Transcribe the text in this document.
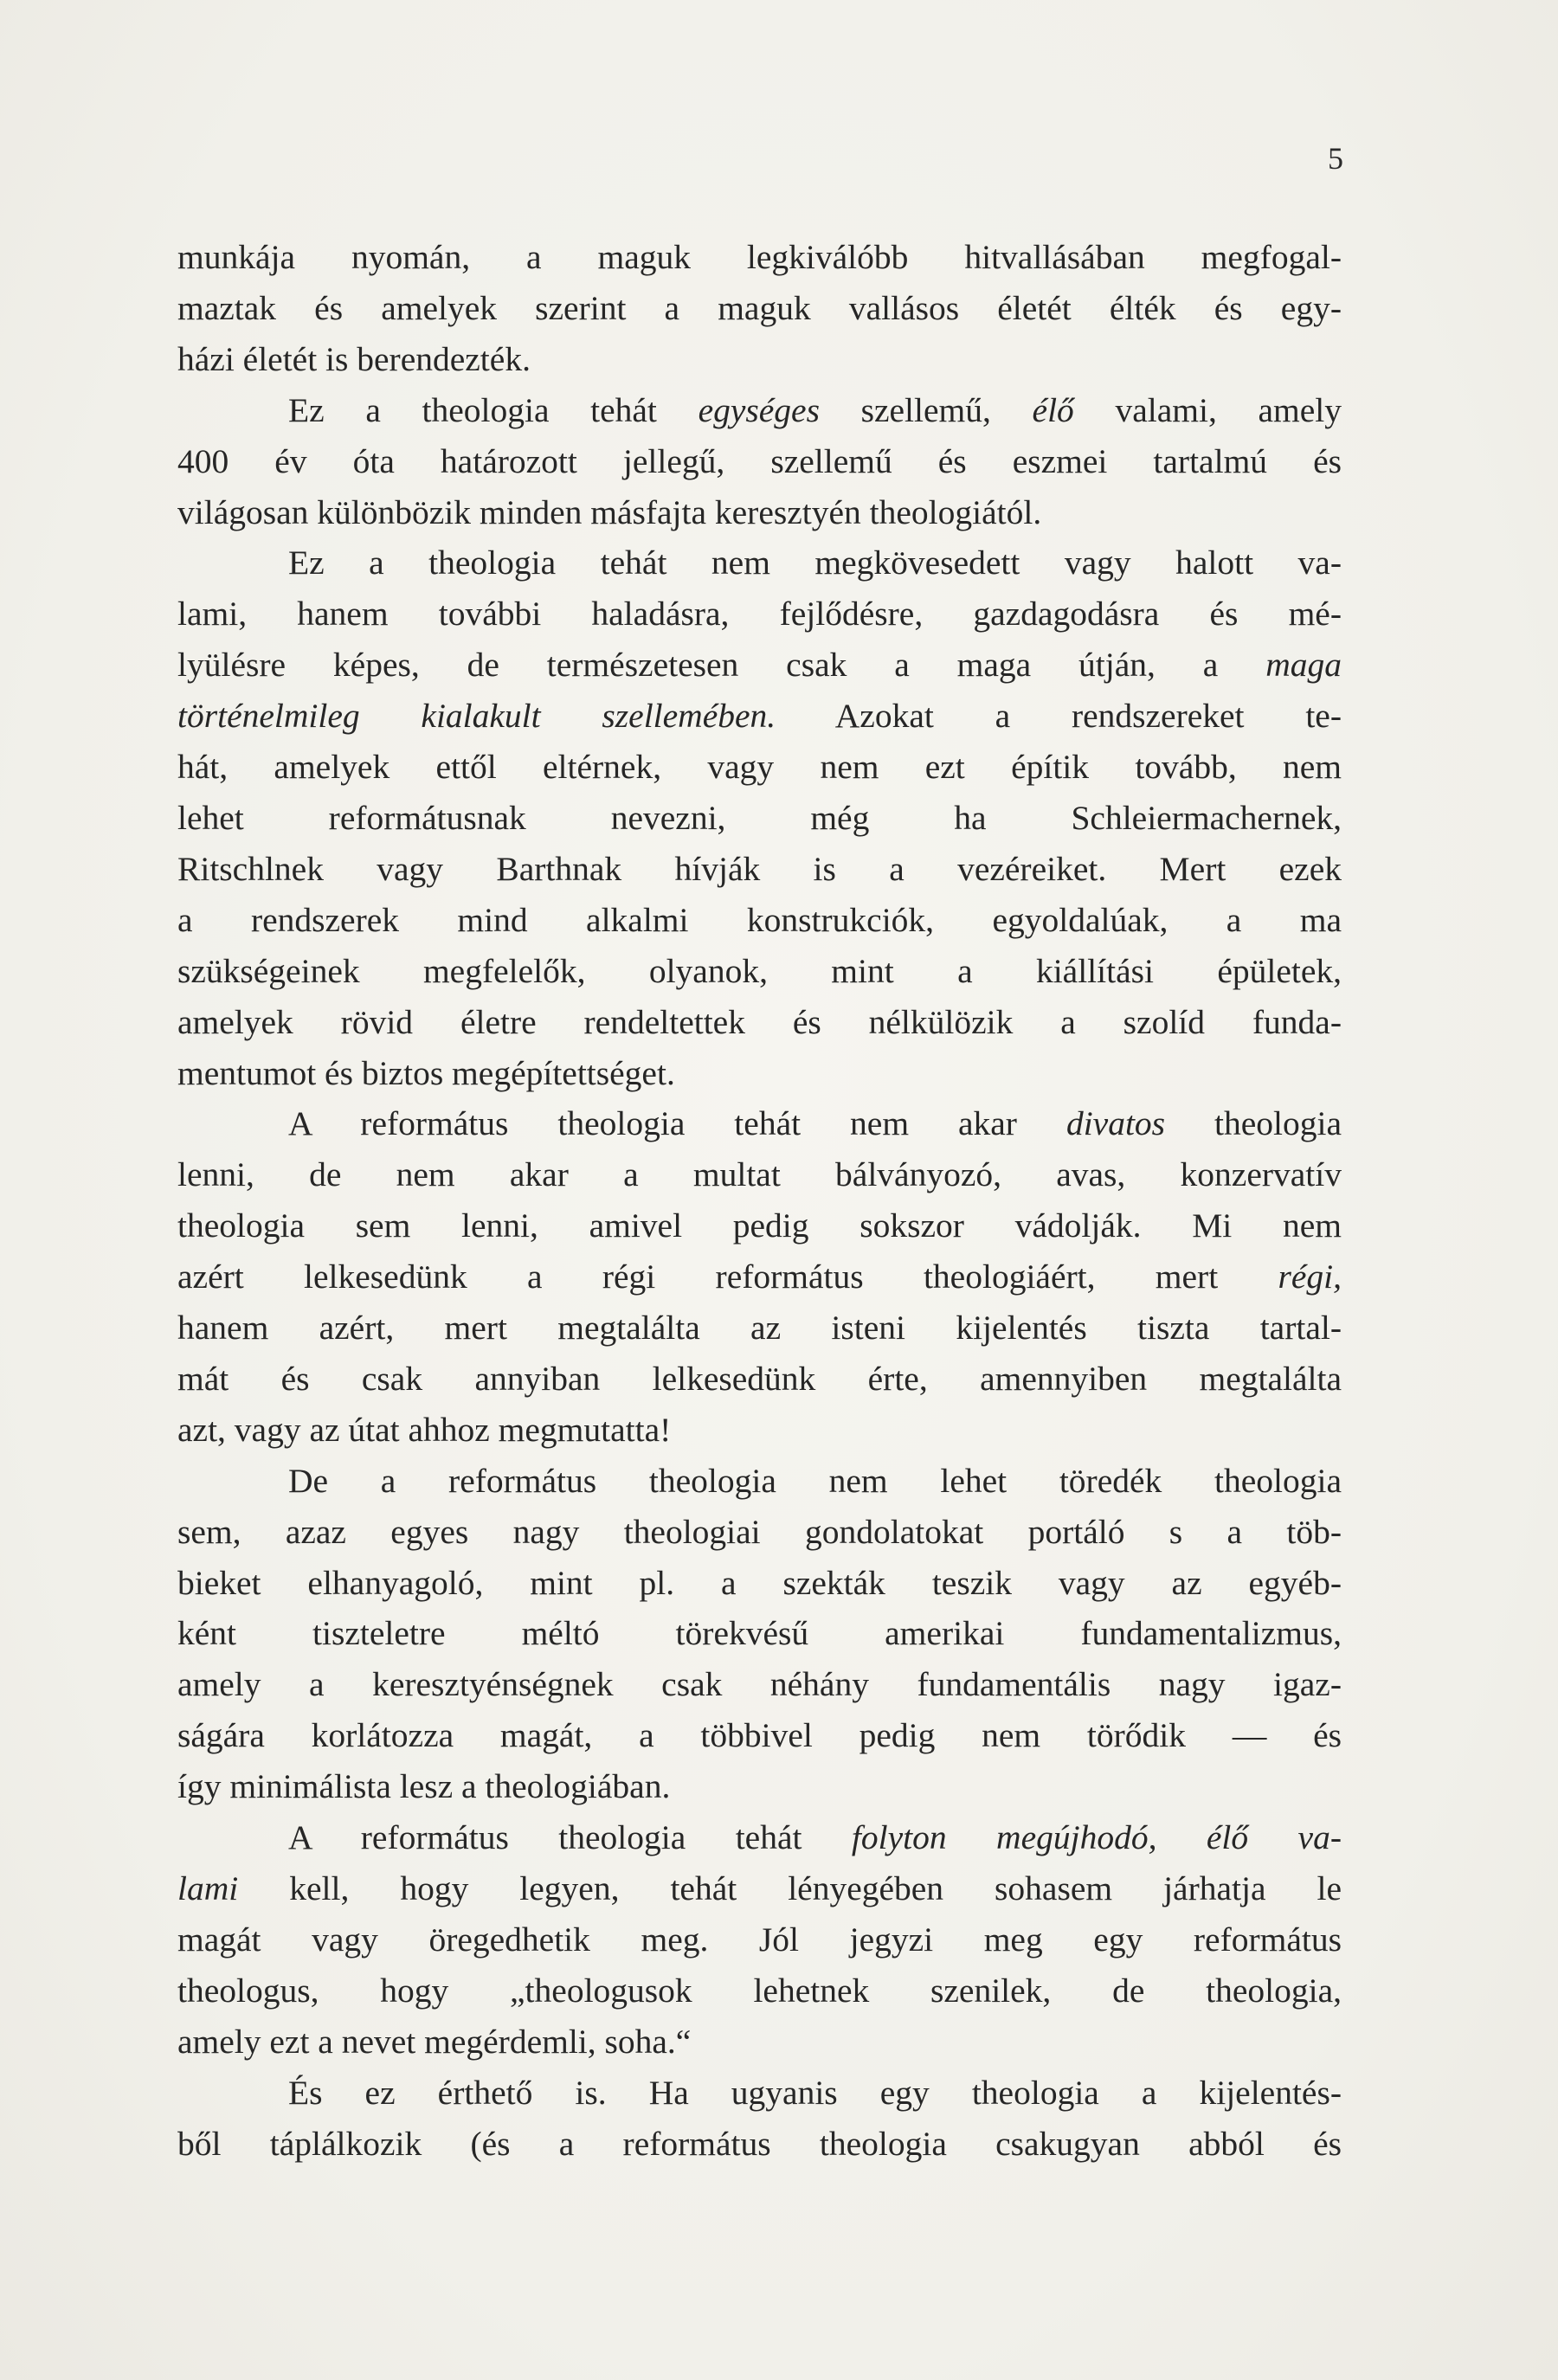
5
munkája nyomán, a maguk legkiválóbb hitvallásában megfogal-
maztak és amelyek szerint a maguk vallásos életét élték és egy-
házi életét is berendezték.
Ez a theologia tehát egységes szellemű, élő valami, amely
400 év óta határozott jellegű, szellemű és eszmei tartalmú és
világosan különbözik minden másfajta keresztyén theologiától.
Ez a theologia tehát nem megkövesedett vagy halott va-
lami, hanem további haladásra, fejlődésre, gazdagodásra és mé-
lyülésre képes, de természetesen csak a maga útján, a maga
történelmileg kialakult szellemében. Azokat a rendszereket te-
hát, amelyek ettől eltérnek, vagy nem ezt építik tovább, nem
lehet reformátusnak nevezni, még ha Schleiermachernek,
Ritschlnek vagy Barthnak hívják is a vezéreiket. Mert ezek
a rendszerek mind alkalmi konstrukciók, egyoldalúak, a ma
szükségeinek megfelelők, olyanok, mint a kiállítási épületek,
amelyek rövid életre rendeltettek és nélkülözik a szolíd funda-
mentumot és biztos megépítettséget.
A református theologia tehát nem akar divatos theologia
lenni, de nem akar a multat bálványozó, avas, konzervatív
theologia sem lenni, amivel pedig sokszor vádolják. Mi nem
azért lelkesedünk a régi református theologiáért, mert régi,
hanem azért, mert megtalálta az isteni kijelentés tiszta tartal-
mát és csak annyiban lelkesedünk érte, amennyiben megtalálta
azt, vagy az útat ahhoz megmutatta!
De a református theologia nem lehet töredék theologia
sem, azaz egyes nagy theologiai gondolatokat portáló s a töb-
bieket elhanyagoló, mint pl. a szekták teszik vagy az egyéb-
ként tiszteletre méltó törekvésű amerikai fundamentalizmus,
amely a keresztyénségnek csak néhány fundamentális nagy igaz-
ságára korlátozza magát, a többivel pedig nem törődik — és
így minimálista lesz a theologiában.
A református theologia tehát folyton megújhodó, élő va-
lami kell, hogy legyen, tehát lényegében sohasem járhatja le
magát vagy öregedhetik meg. Jól jegyzi meg egy református
theologus, hogy „theologusok lehetnek szenilek, de theologia,
amely ezt a nevet megérdemli, soha.“
És ez érthető is. Ha ugyanis egy theologia a kijelentés-
ből táplálkozik (és a református theologia csakugyan abból és
